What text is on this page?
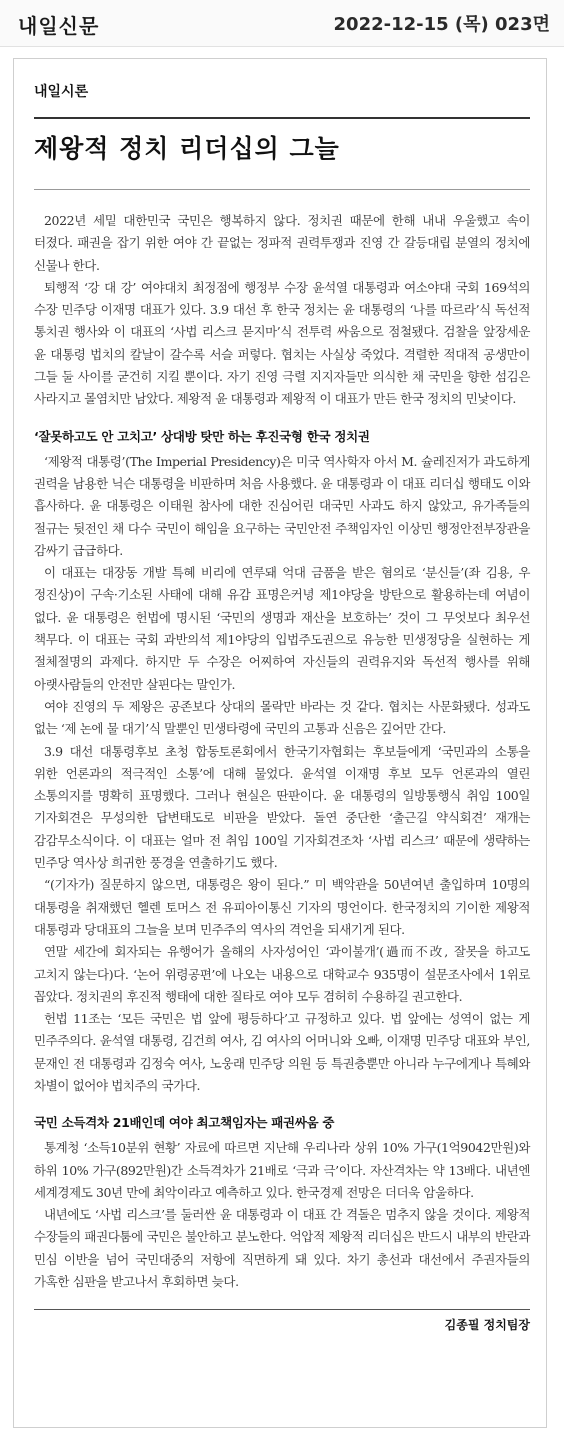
내일신문	2022-12-15 (목) 023면
내일시론
제왕적 정치 리더십의 그늘

2022년 세밑 대한민국 국민은 행복하지 않다. 정치권 때문에 한해 내내 우울했고 속이 터졌다. 패권을 잡기 위한 여야 간 끝없는 정파적 권력투쟁과 진영 간 갈등대립 분열의 정치에 신물나 한다.

퇴행적 ‘강 대 강’ 여야대치 최정점에 행정부 수장 윤석열 대통령과 여소야대 국회 169석의 수장 민주당 이재명 대표가 있다. 3.9 대선 후 한국 정치는 윤 대통령의 ‘나를 따르라’식 독선적 통치권 행사와 이 대표의 ‘사법 리스크 묻지마’식 전투력 싸움으로 점철됐다. 검찰을 앞장세운 윤 대통령 법치의 칼날이 갈수록 서슬 퍼렇다. 협치는 사실상 죽었다. 격렬한 적대적 공생만이 그들 둘 사이를 굳건히 지킬 뿐이다. 자기 진영 극렬 지지자들만 의식한 채 국민을 향한 섬김은 사라지고 몰염치만 남았다. 제왕적 윤 대통령과 제왕적 이 대표가 만든 한국 정치의 민낯이다.

‘잘못하고도 안 고치고’ 상대방 탓만 하는 후진국형 한국 정치권

‘제왕적 대통령’(The Imperial Presidency)은 미국 역사학자 아서 M. 슐레진저가 과도하게 권력을 남용한 닉슨 대통령을 비판하며 처음 사용했다. 윤 대통령과 이 대표 리더십 행태도 이와 흡사하다. 윤 대통령은 이태원 참사에 대한 진심어린 대국민 사과도 하지 않았고, 유가족들의 절규는 뒷전인 채 다수 국민이 해임을 요구하는 국민안전 주책임자인 이상민 행정안전부장관을 감싸기 급급하다.

이 대표는 대장동 개발 특혜 비리에 연루돼 억대 금품을 받은 혐의로 ‘분신들’(좌 김용, 우 정진상)이 구속·기소된 사태에 대해 유감 표명은커녕 제1야당을 방탄으로 활용하는데 여념이 없다. 윤 대통령은 헌법에 명시된 ‘국민의 생명과 재산을 보호하는’ 것이 그 무엇보다 최우선 책무다. 이 대표는 국회 과반의석 제1야당의 입법주도권으로 유능한 민생정당을 실현하는 게 절체절명의 과제다. 하지만 두 수장은 어찌하여 자신들의 권력유지와 독선적 행사를 위해 아랫사람들의 안전만 살핀다는 말인가.

여야 진영의 두 제왕은 공존보다 상대의 몰락만 바라는 것 같다. 협치는 사문화됐다. 성과도 없는 ‘제 논에 물 대기’식 말뿐인 민생타령에 국민의 고통과 신음은 깊어만 간다.

3.9 대선 대통령후보 초청 합동토론회에서 한국기자협회는 후보들에게 ‘국민과의 소통을 위한 언론과의 적극적인 소통’에 대해 물었다. 윤석열 이재명 후보 모두 언론과의 열린 소통의지를 명확히 표명했다. 그러나 현실은 딴판이다. 윤 대통령의 일방통행식 취임 100일 기자회견은 무성의한 답변태도로 비판을 받았다. 돌연 중단한 ‘출근길 약식회견’ 재개는 감감무소식이다. 이 대표는 얼마 전 취임 100일 기자회견조차 ‘사법 리스크’ 때문에 생략하는 민주당 역사상 희귀한 풍경을 연출하기도 했다.

“(기자가) 질문하지 않으면, 대통령은 왕이 된다.” 미 백악관을 50년여년 출입하며 10명의 대통령을 취재했던 헬렌 토머스 전 유피아이통신 기자의 명언이다. 한국정치의 기이한 제왕적 대통령과 당대표의 그늘을 보며 민주주의 역사의 격언을 되새기게 된다.

연말 세간에 회자되는 유행어가 올해의 사자성어인 ‘과이불개’(過而不改, 잘못을 하고도 고치지 않는다)다. ‘논어 위령공편’에 나오는 내용으로 대학교수 935명이 설문조사에서 1위로 꼽았다. 정치권의 후진적 행태에 대한 질타로 여야 모두 겸허히 수용하길 권고한다.

헌법 11조는 ‘모든 국민은 법 앞에 평등하다’고 규정하고 있다. 법 앞에는 성역이 없는 게 민주주의다. 윤석열 대통령, 김건희 여사, 김 여사의 어머니와 오빠, 이재명 민주당 대표와 부인, 문재인 전 대통령과 김정숙 여사, 노웅래 민주당 의원 등 특권층뿐만 아니라 누구에게나 특혜와 차별이 없어야 법치주의 국가다.

국민 소득격차 21배인데 여야 최고책임자는 패권싸움 중

통계청 ‘소득10분위 현황’ 자료에 따르면 지난해 우리나라 상위 10% 가구(1억9042만원)와 하위 10% 가구(892만원)간 소득격차가 21배로 ‘극과 극’이다. 자산격차는 약 13배다. 내년엔 세계경제도 30년 만에 최악이라고 예측하고 있다. 한국경제 전망은 더더욱 암울하다.

내년에도 ‘사법 리스크’를 둘러싼 윤 대통령과 이 대표 간 격돌은 멈추지 않을 것이다. 제왕적 수장들의 패권다툼에 국민은 불안하고 분노한다. 억압적 제왕적 리더십은 반드시 내부의 반란과 민심 이반을 넘어 국민대중의 저항에 직면하게 돼 있다. 차기 총선과 대선에서 주권자들의 가혹한 심판을 받고나서 후회하면 늦다.

김종필 정치팀장
